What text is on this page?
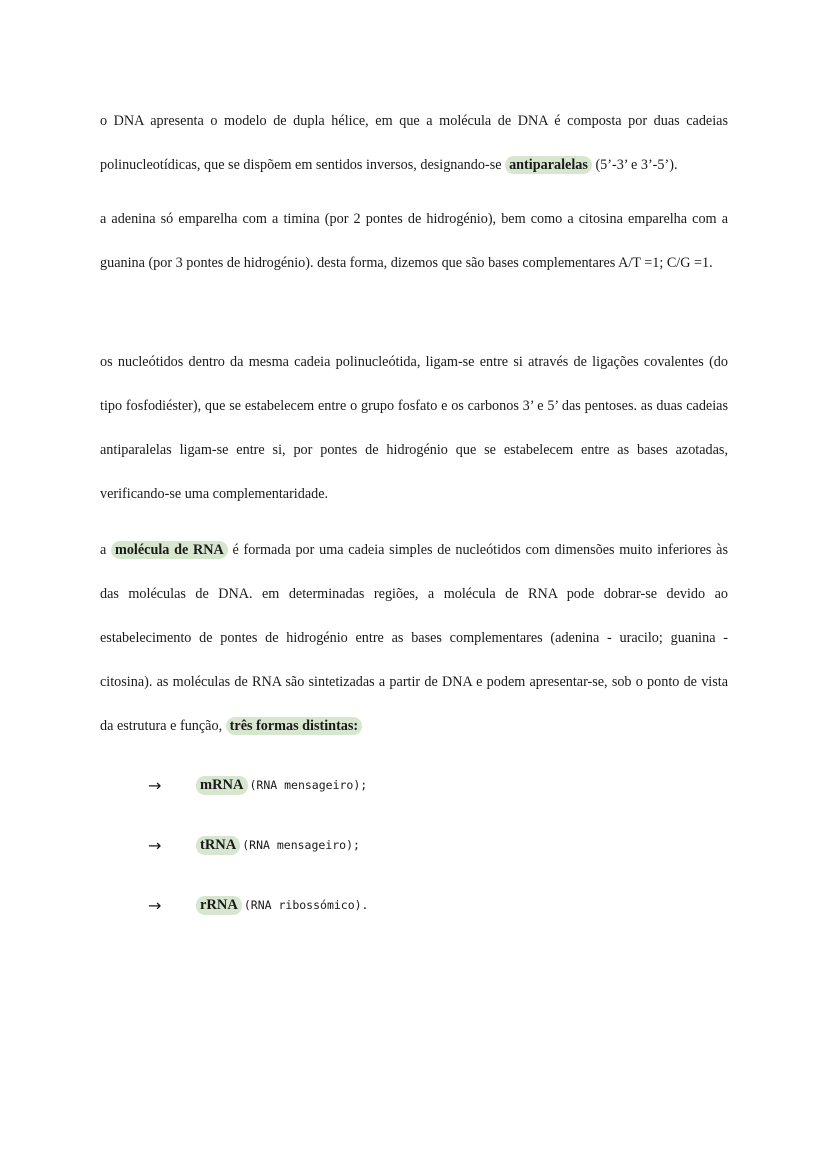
o DNA apresenta o modelo de dupla hélice, em que a molécula de DNA é composta por duas cadeias polinucleotídicas, que se dispõem em sentidos inversos, designando-se antiparalelas (5’-3’ e 3’-5’).

a adenina só emparelha com a timina (por 2 pontes de hidrogénio), bem como a citosina emparelha com a guanina (por 3 pontes de hidrogénio). desta forma, dizemos que são bases complementares A/T =1; C/G =1.

os nucleótidos dentro da mesma cadeia polinucleótida, ligam-se entre si através de ligações covalentes (do tipo fosfodiéster), que se estabelecem entre o grupo fosfato e os carbonos 3’ e 5’ das pentoses. as duas cadeias antiparalelas ligam-se entre si, por pontes de hidrogénio que se estabelecem entre as bases azotadas, verificando-se uma complementaridade.

a molécula de RNA é formada por uma cadeia simples de nucleótidos com dimensões muito inferiores às das moléculas de DNA. em determinadas regiões, a molécula de RNA pode dobrar-se devido ao estabelecimento de pontes de hidrogénio entre as bases complementares (adenina - uracilo; guanina - citosina). as moléculas de RNA são sintetizadas a partir de DNA e podem apresentar-se, sob o ponto de vista da estrutura e função, três formas distintas:

→	mRNA (RNA mensageiro);
→	tRNA (RNA mensageiro);
→	rRNA (RNA ribossómico).
